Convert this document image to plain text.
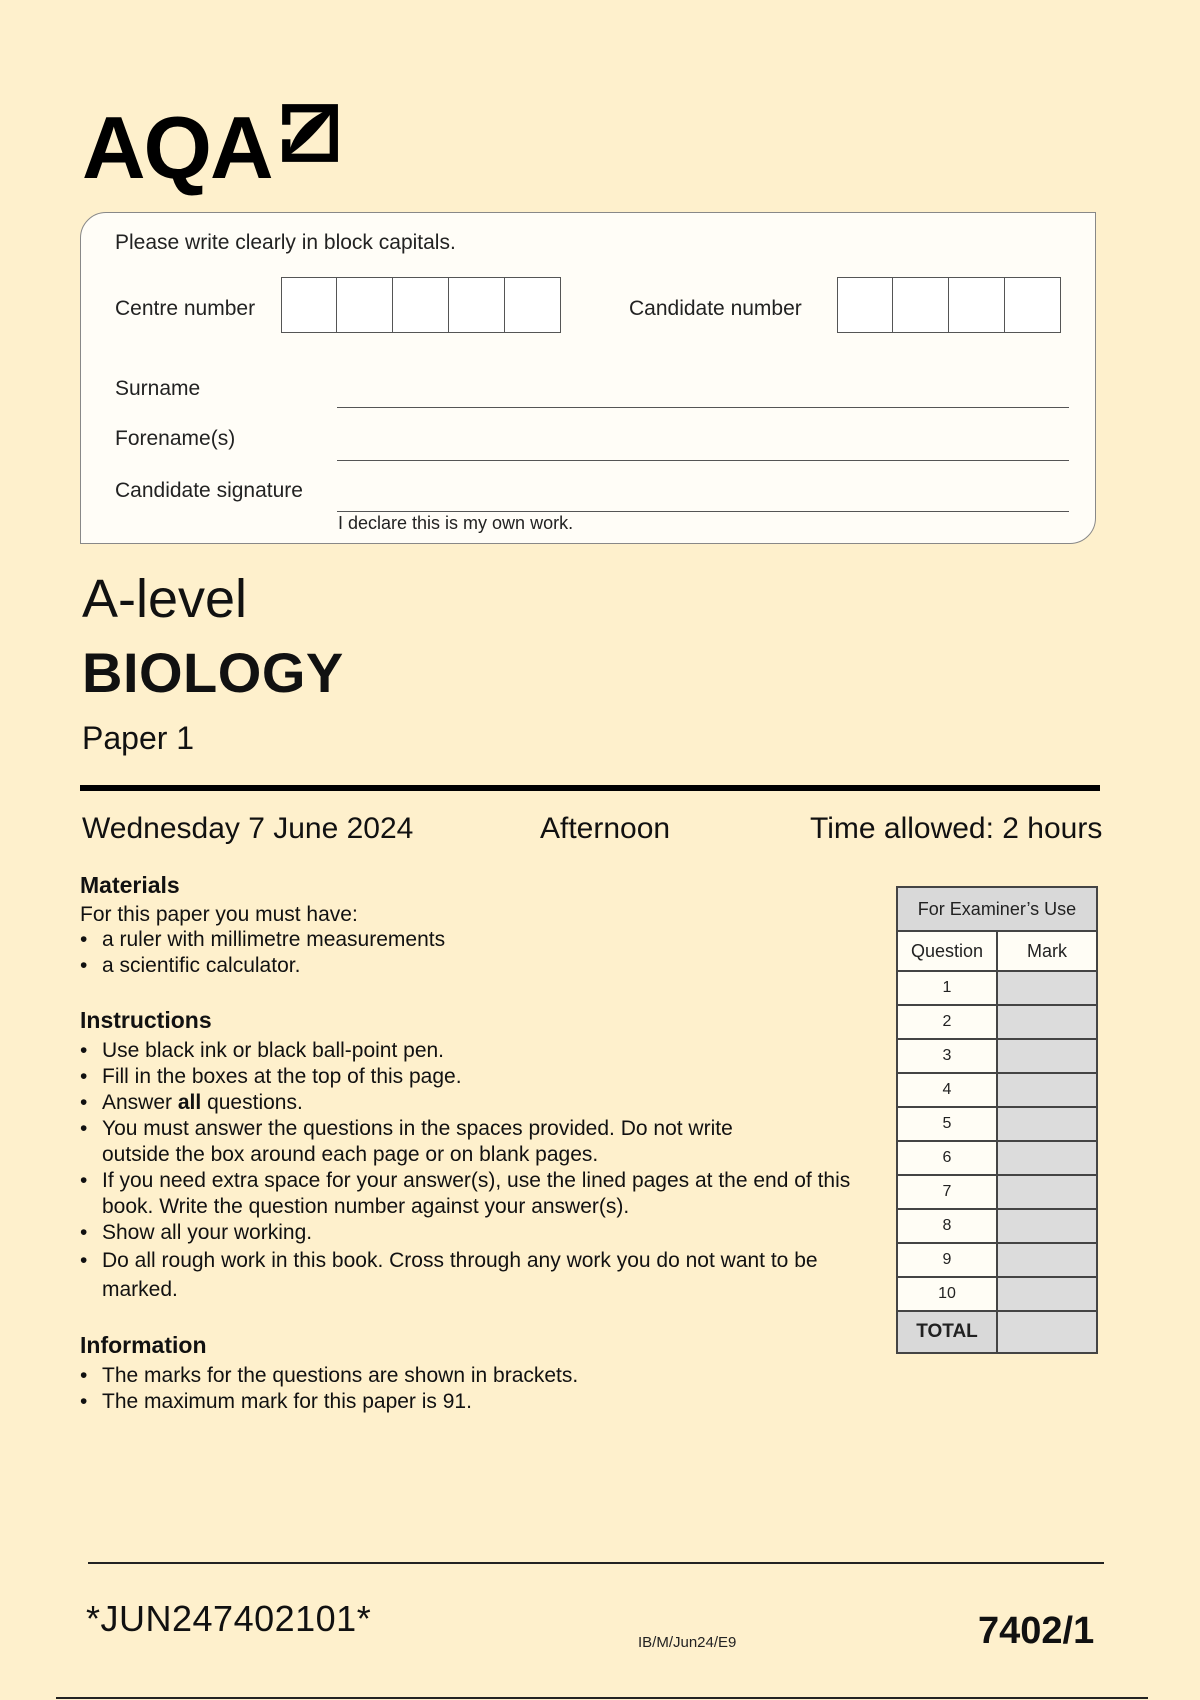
AQA
Please write clearly in block capitals.
Centre number	Candidate number
Surname
Forename(s)
Candidate signature
I declare this is my own work.
A-level
BIOLOGY
Paper 1
Wednesday 7 June 2024	Afternoon	Time allowed: 2 hours
Materials
For this paper you must have:
• a ruler with millimetre measurements
• a scientific calculator.
Instructions
• Use black ink or black ball-point pen.
• Fill in the boxes at the top of this page.
• Answer all questions.
• You must answer the questions in the spaces provided. Do not write outside the box around each page or on blank pages.
• If you need extra space for your answer(s), use the lined pages at the end of this book. Write the question number against your answer(s).
• Show all your working.
• Do all rough work in this book. Cross through any work you do not want to be marked.
Information
• The marks for the questions are shown in brackets.
• The maximum mark for this paper is 91.
For Examiner’s Use
Question	Mark
1
2
3
4
5
6
7
8
9
10
TOTAL
*JUN247402101*
IB/M/Jun24/E9	7402/1
